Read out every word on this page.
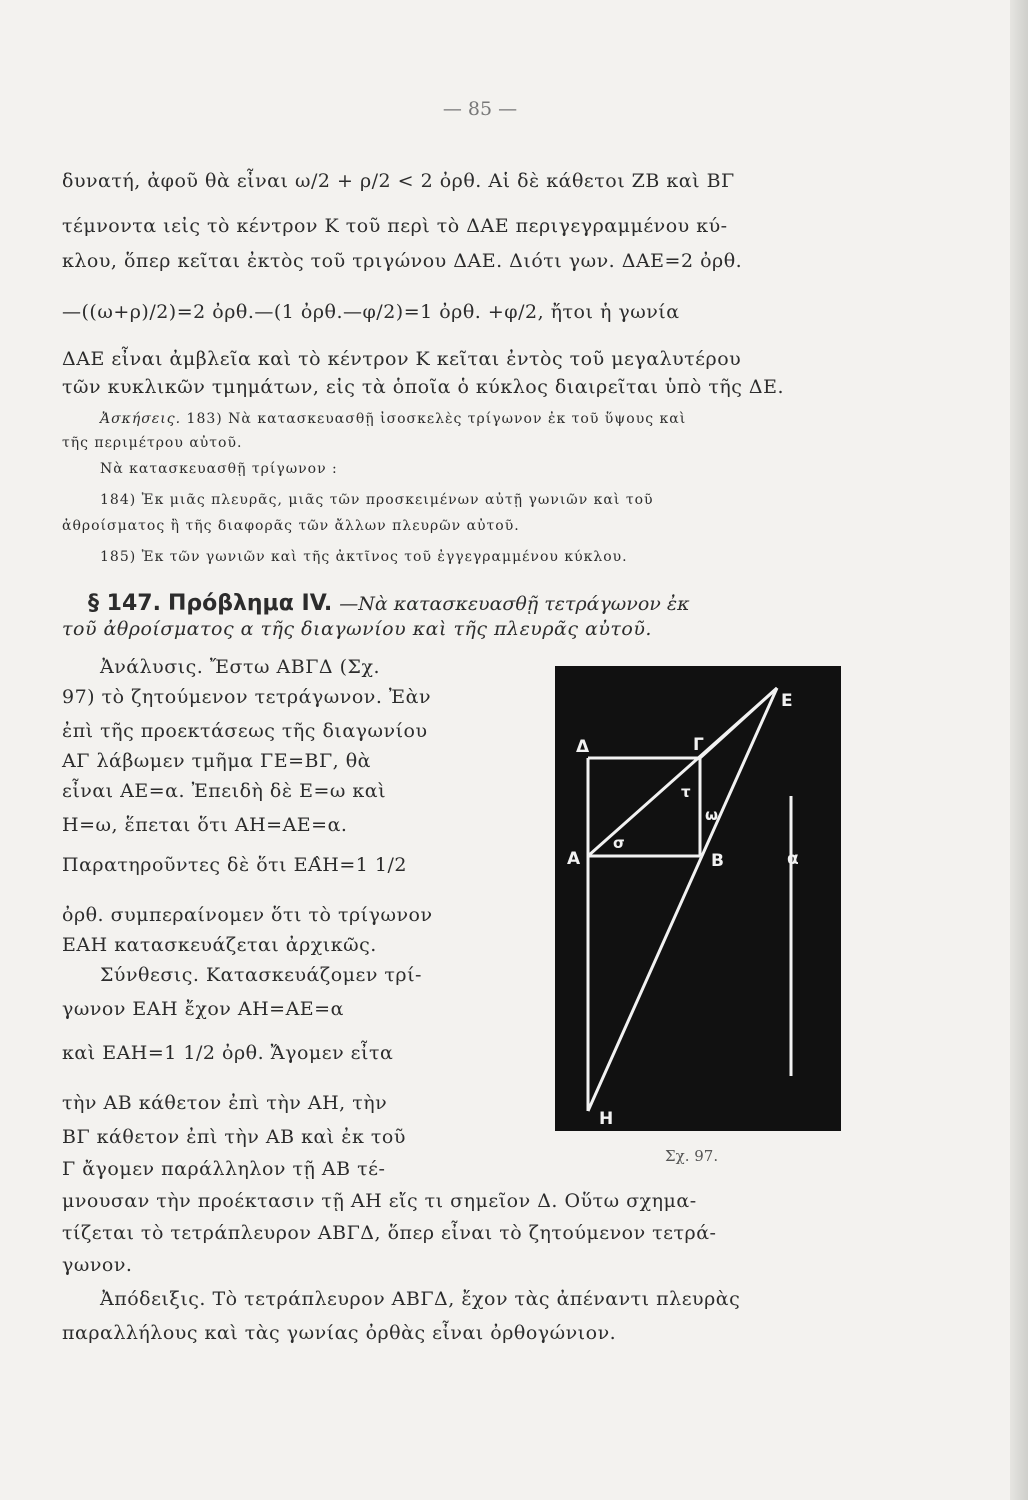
— 85 —
δυνατή, ἀφοῦ θὰ εἶναι ω/2 + ρ/2 < 2 ὀρθ. Αἱ δὲ κάθετοι ΖΒ καὶ ΒΓ
τέμνοντα ιεἰς τὸ κέντρον Κ τοῦ περὶ τὸ ΔΑΕ περιγεγραμμένου κύ-
κλου, ὅπερ κεῖται ἐκτὸς τοῦ τριγώνου ΔΑΕ. Διότι γων. ΔΑΕ=2 ὀρθ.
—((ω+ρ)/2)=2 ὀρθ.—(1 ὀρθ.—φ/2)=1 ὀρθ. +φ/2, ἤτοι ἡ γωνία
ΔΑΕ εἶναι ἀμβλεῖα καὶ τὸ κέντρον Κ κεῖται ἐντὸς τοῦ μεγαλυτέρου
τῶν κυκλικῶν τμημάτων, εἰς τὰ ὁποῖα ὁ κύκλος διαιρεῖται ὑπὸ τῆς ΔΕ.
Ἀσκήσεις. 183) Νὰ κατασκευασθῇ ἰσοσκελὲς τρίγωνον ἐκ τοῦ ὕψους καὶ
τῆς περιμέτρου αὐτοῦ.
Νὰ κατασκευασθῇ τρίγωνον :
184) Ἐκ μιᾶς πλευρᾶς, μιᾶς τῶν προσκειμένων αὐτῇ γωνιῶν καὶ τοῦ
ἀθροίσματος ἢ τῆς διαφορᾶς τῶν ἄλλων πλευρῶν αὐτοῦ.
185) Ἐκ τῶν γωνιῶν καὶ τῆς ἀκτῖνος τοῦ ἐγγεγραμμένου κύκλου.
§ 147. Πρόβλημα IV. —Νὰ κατασκευασθῇ τετράγωνον ἐκ
τοῦ ἀθροίσματος α τῆς διαγωνίου καὶ τῆς πλευρᾶς αὐτοῦ.
Ἀνάλυσις. Ἔστω ΑΒΓΔ (Σχ.
97) τὸ ζητούμενον τετράγωνον. Ἐὰν
ἐπὶ τῆς προεκτάσεως τῆς διαγωνίου
ΑΓ λάβωμεν τμῆμα ΓΕ=ΒΓ, θὰ
εἶναι ΑΕ=α. Ἐπειδὴ δὲ Ε=ω καὶ
Η=ω, ἕπεται ὅτι ΑΗ=ΑΕ=α.
Παρατηροῦντες δὲ ὅτι ΕΑ̂Η=1 1/2
ὀρθ. συμπεραίνομεν ὅτι τὸ τρίγωνον
ΕΑΗ κατασκευάζεται ἀρχικῶς.
Σύνθεσις. Κατασκευάζομεν τρί-
γωνον ΕΑΗ ἔχον ΑΗ=ΑΕ=α
καὶ ΕΑΗ=1 1/2 ὀρθ. Ἄγομεν εἶτα
τὴν ΑΒ κάθετον ἐπὶ τὴν ΑΗ, τὴν
ΒΓ κάθετον ἐπὶ τὴν ΑΒ καὶ ἐκ τοῦ
Γ ἄγομεν παράλληλον τῇ ΑΒ τέ-
μνουσαν τὴν προέκτασιν τῇ ΑΗ εἴς τι σημεῖον Δ. Οὕτω σχημα-
τίζεται τὸ τετράπλευρον ΑΒΓΔ, ὅπερ εἶναι τὸ ζητούμενον τετρά-
γωνον.
Ἀπόδειξις. Τὸ τετράπλευρον ΑΒΓΔ, ἔχον τὰς ἀπέναντι πλευρὰς
παραλλήλους καὶ τὰς γωνίας ὀρθὰς εἶναι ὀρθογώνιον.
Δ	Γ
E
Α	Β
Η
α
τ
ω
σ
Σχ. 97.
